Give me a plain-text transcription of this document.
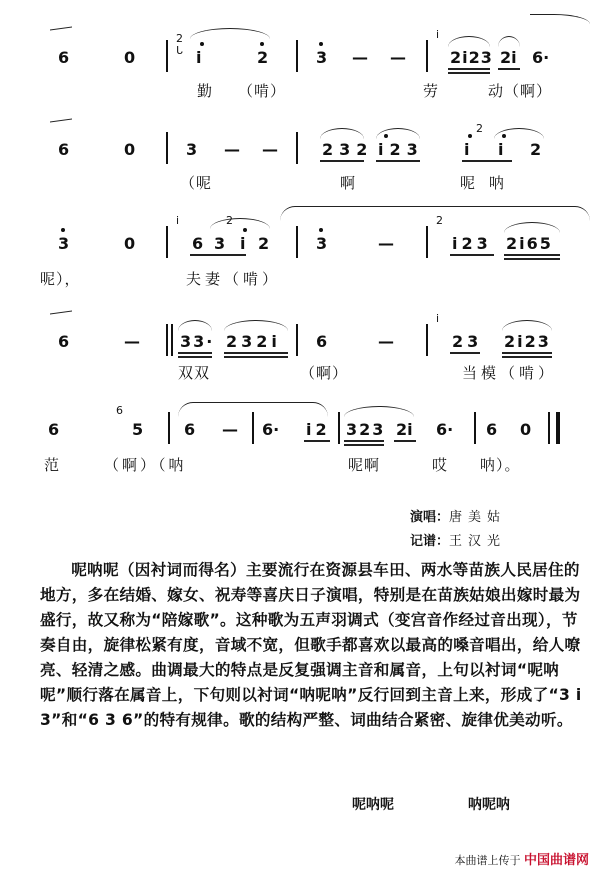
6	0
2
ᒐ i	2	3 — —
i
2i23 2i 6·
勤 （啃）	劳	动（啊）
6	0	3 — —	232 i23	i
2
i 2
（呢	啊	呢呐
3	0
i
6 3
2
i 2	3	—
2
i23 2i65
呢），	夫妻（啃）
6	—	33· 232i 6	—
i
23 2i23
双双	（啊）	当模（啃）
6
6
5	6 — 6· i2 323 2i 6· 6 0
范	（啊）（呐	呢啊	哎 呐）。
演唱：唐美姑
记谱：王汉光

呢呐呢（因衬词而得名）主要流行在资源县车田、两水等苗族人民居住的地方，多在结婚、嫁女、祝寿等喜庆日子演唱，特别是在苗族姑娘出嫁时最为盛行，故又称为“陪嫁歌”。这种歌为五声羽调式（变宫音作经过音出现），节奏自由，旋律松紧有度，音域不宽，但歌手都喜欢以最高的嗓音唱出，给人嘹亮、轻清之感。曲调最大的特点是反复强调主音和属音，上句以衬词“呢呐呢”顺行落在属音上，下句则以衬词“呐呢呐”反行回到主音上来，形成了“3 i 3”和“6 3 6”的特有规律。歌的结构严整、词曲结合紧密、旋律优美动听。

呢呐呢	呐呢呐
本曲谱上传于 中国曲谱网
